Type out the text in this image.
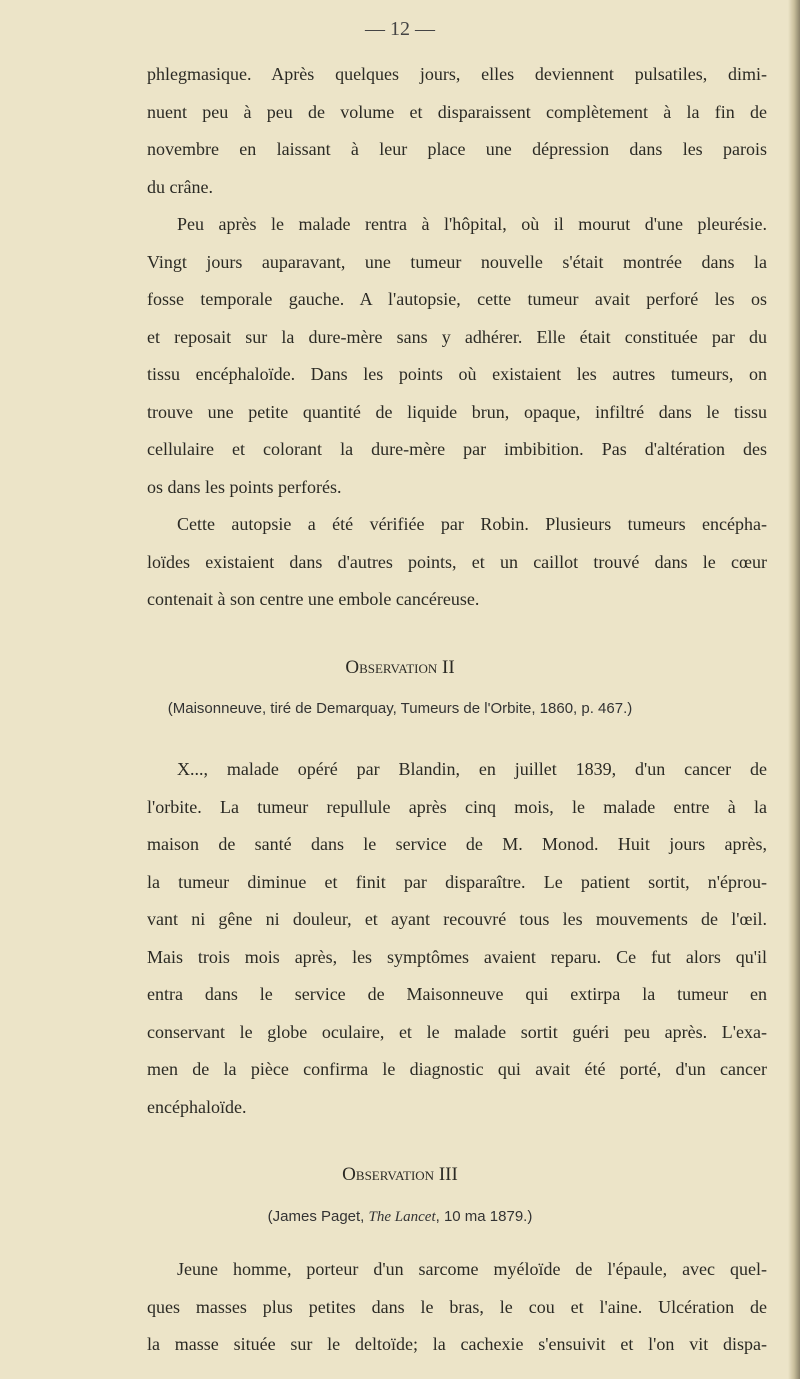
— 12 —
phlegmasique. Après quelques jours, elles deviennent pulsatiles, dimi-
nuent peu à peu de volume et disparaissent complètement à la fin de
novembre en laissant à leur place une dépression dans les parois
du crâne.
Peu après le malade rentra à l'hôpital, où il mourut d'une pleurésie.
Vingt jours auparavant, une tumeur nouvelle s'était montrée dans la
fosse temporale gauche. A l'autopsie, cette tumeur avait perforé les os
et reposait sur la dure-mère sans y adhérer. Elle était constituée par du
tissu encéphaloïde. Dans les points où existaient les autres tumeurs, on
trouve une petite quantité de liquide brun, opaque, infiltré dans le tissu
cellulaire et colorant la dure-mère par imbibition. Pas d'altération des
os dans les points perforés.
Cette autopsie a été vérifiée par Robin. Plusieurs tumeurs encépha-
loïdes existaient dans d'autres points, et un caillot trouvé dans le cœur
contenait à son centre une embole cancéreuse.
Observation II
(Maisonneuve, tiré de Demarquay, Tumeurs de l'Orbite, 1860, p. 467.)
X..., malade opéré par Blandin, en juillet 1839, d'un cancer de
l'orbite. La tumeur repullule après cinq mois, le malade entre à la
maison de santé dans le service de M. Monod. Huit jours après,
la tumeur diminue et finit par disparaître. Le patient sortit, n'éprou-
vant ni gêne ni douleur, et ayant recouvré tous les mouvements de l'œil.
Mais trois mois après, les symptômes avaient reparu. Ce fut alors qu'il
entra dans le service de Maisonneuve qui extirpa la tumeur en
conservant le globe oculaire, et le malade sortit guéri peu après. L'exa-
men de la pièce confirma le diagnostic qui avait été porté, d'un cancer
encéphaloïde.
Observation III
(James Paget, The Lancet, 10 ma 1879.)
Jeune homme, porteur d'un sarcome myéloïde de l'épaule, avec quel-
ques masses plus petites dans le bras, le cou et l'aine. Ulcération de
la masse située sur le deltoïde; la cachexie s'ensuivit et l'on vit dispa-
